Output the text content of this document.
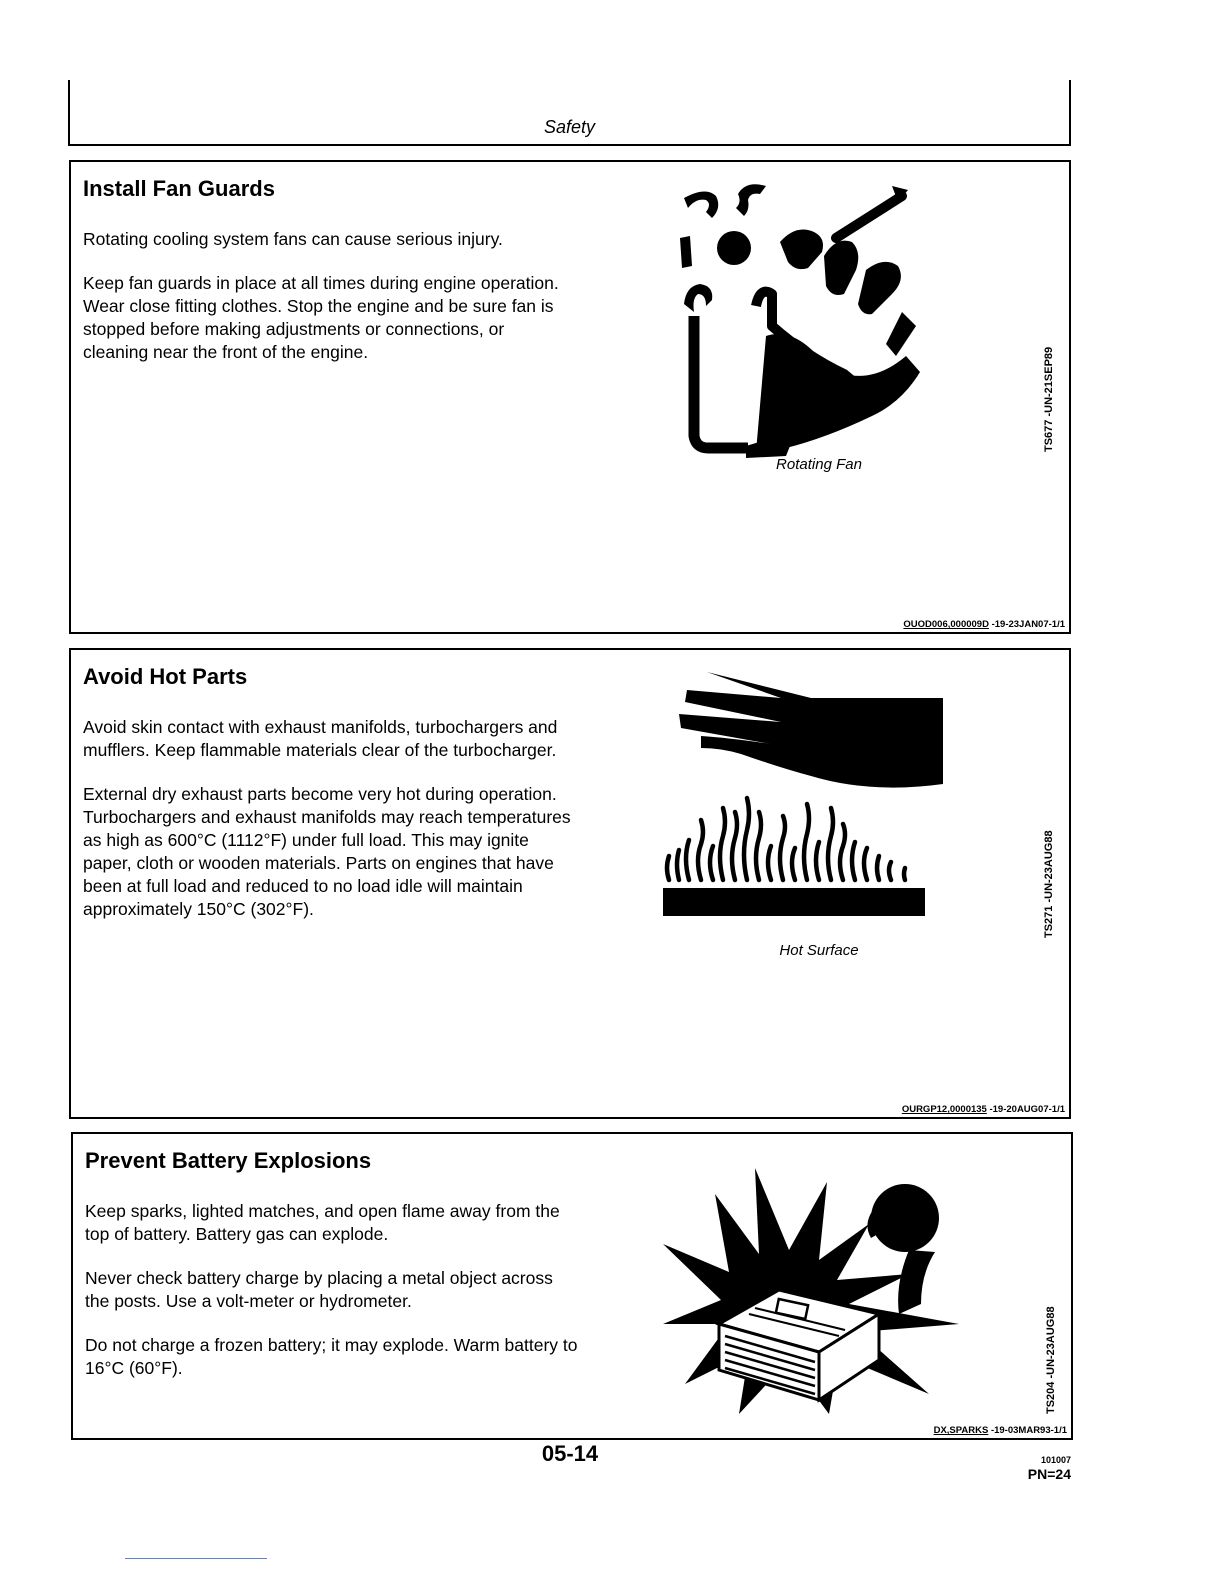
Safety
Install Fan Guards

Rotating cooling system fans can cause serious injury.

Keep fan guards in place at all times during engine operation. Wear close fitting clothes. Stop the engine and be sure fan is stopped before making adjustments or connections, or cleaning near the front of the engine.

Rotating Fan
TS677 -UN-21SEP89
OUOD006,000009D -19-23JAN07-1/1
Avoid Hot Parts

Avoid skin contact with exhaust manifolds, turbochargers and mufflers. Keep flammable materials clear of the turbocharger.

External dry exhaust parts become very hot during operation. Turbochargers and exhaust manifolds may reach temperatures as high as 600°C (1112°F) under full load. This may ignite paper, cloth or wooden materials. Parts on engines that have been at full load and reduced to no load idle will maintain approximately 150°C (302°F).

Hot Surface
TS271 -UN-23AUG88
OURGP12,0000135 -19-20AUG07-1/1
Prevent Battery Explosions

Keep sparks, lighted matches, and open flame away from the top of battery. Battery gas can explode.

Never check battery charge by placing a metal object across the posts. Use a volt-meter or hydrometer.

Do not charge a frozen battery; it may explode. Warm battery to 16°C (60°F).	TS204 -UN-23AUG88
DX,SPARKS -19-03MAR93-1/1
05-14	101007
PN=24
